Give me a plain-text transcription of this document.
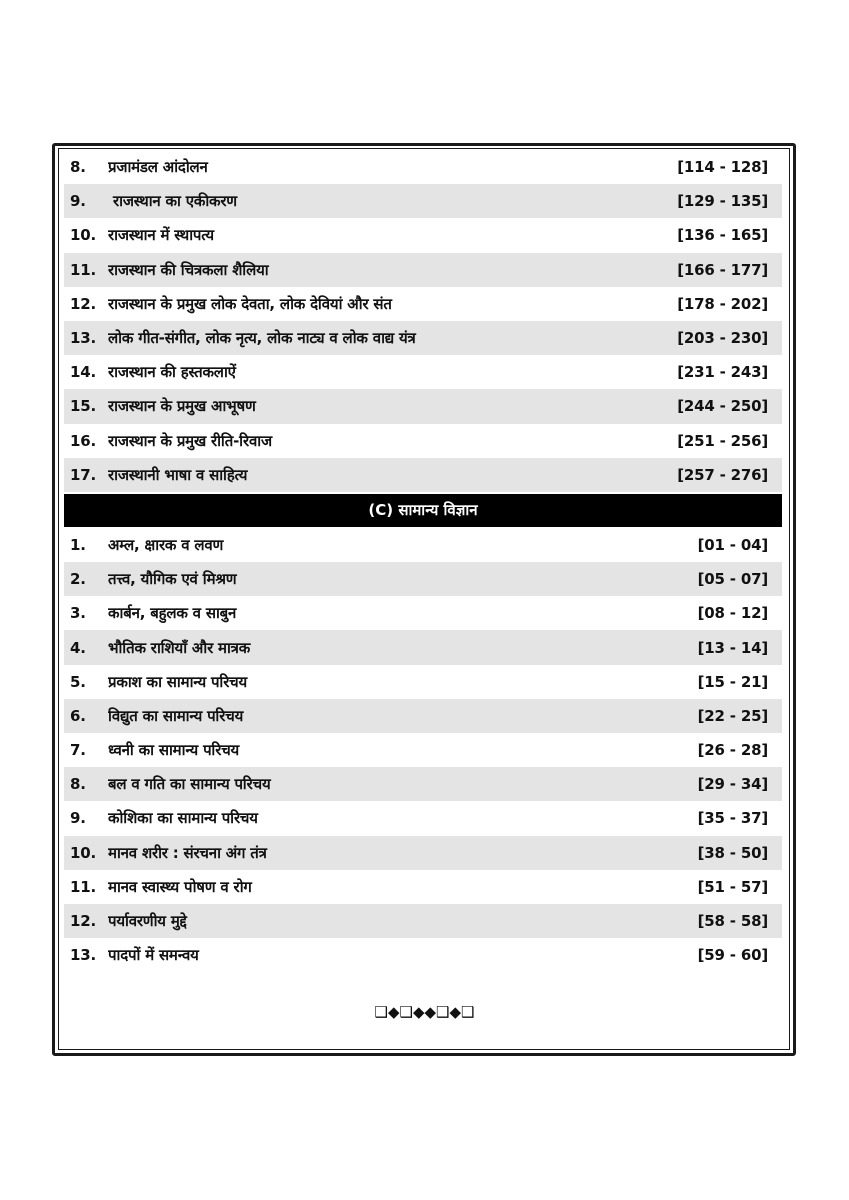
8.	प्रजामंडल आंदोलन	[114 - 128]
9.	राजस्थान का एकीकरण	[129 - 135]
10. राजस्थान में स्थापत्य	[136 - 165]
11. राजस्थान की चित्रकला शैलिया	[166 - 177]
12. राजस्थान के प्रमुख लोक देवता, लोक देवियां और संत	[178 - 202]
13. लोक गीत-संगीत, लोक नृत्य, लोक नाट्य व लोक वाद्य यंत्र	[203 - 230]
14. राजस्थान की हस्तकलाऐं	[231 - 243]
15. राजस्थान के प्रमुख आभूषण	[244 - 250]
16. राजस्थान के प्रमुख रीति-रिवाज	[251 - 256]
17. राजस्थानी भाषा व साहित्य	[257 - 276]
(C) सामान्य विज्ञान
1.	अम्ल, क्षारक व लवण	[01 - 04]
2.	तत्त्व, यौगिक एवं मिश्रण	[05 - 07]
3.	कार्बन, बहुलक व साबुन	[08 - 12]
4.	भौतिक राशियाँ और मात्रक	[13 - 14]
5.	प्रकाश का सामान्य परिचय	[15 - 21]
6.	विद्युत का सामान्य परिचय	[22 - 25]
7.	ध्वनी का सामान्य परिचय	[26 - 28]
8.	बल व गति का सामान्य परिचय	[29 - 34]
9.	कोशिका का सामान्य परिचय	[35 - 37]
10. मानव शरीर : संरचना अंग तंत्र	[38 - 50]
11. मानव स्वास्थ्य पोषण व रोग	[51 - 57]
12. पर्यावरणीय मुद्दे	[58 - 58]
13. पादपों में समन्वय	[59 - 60]
❑◆❑◆◆❑◆❑
